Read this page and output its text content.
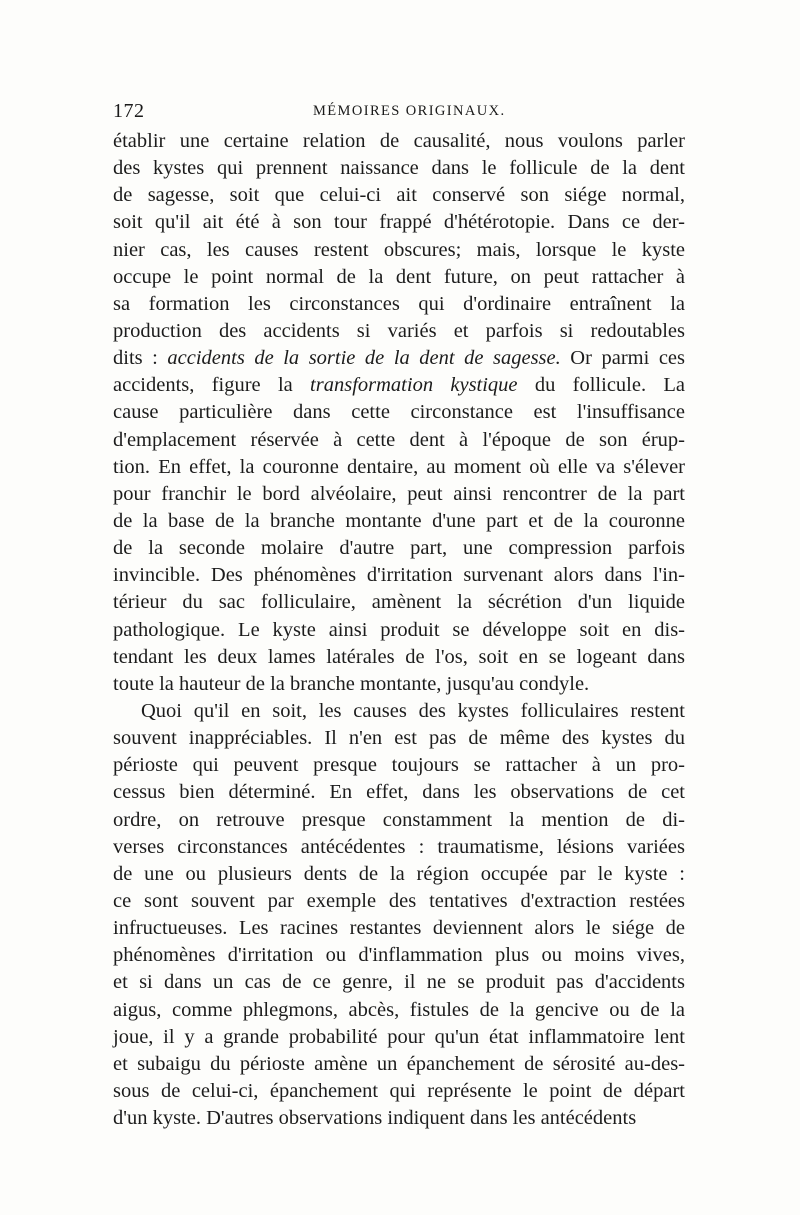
172	MÉMOIRES ORIGINAUX.
établir une certaine relation de causalité, nous voulons parler
des kystes qui prennent naissance dans le follicule de la dent
de sagesse, soit que celui-ci ait conservé son siége normal,
soit qu'il ait été à son tour frappé d'hétérotopie. Dans ce der-
nier cas, les causes restent obscures; mais, lorsque le kyste
occupe le point normal de la dent future, on peut rattacher à
sa formation les circonstances qui d'ordinaire entraînent la
production des accidents si variés et parfois si redoutables
dits : accidents de la sortie de la dent de sagesse. Or parmi ces
accidents, figure la transformation kystique du follicule. La
cause particulière dans cette circonstance est l'insuffisance
d'emplacement réservée à cette dent à l'époque de son érup-
tion. En effet, la couronne dentaire, au moment où elle va s'élever
pour franchir le bord alvéolaire, peut ainsi rencontrer de la part
de la base de la branche montante d'une part et de la couronne
de la seconde molaire d'autre part, une compression parfois
invincible. Des phénomènes d'irritation survenant alors dans l'in-
térieur du sac folliculaire, amènent la sécrétion d'un liquide
pathologique. Le kyste ainsi produit se développe soit en dis-
tendant les deux lames latérales de l'os, soit en se logeant dans
toute la hauteur de la branche montante, jusqu'au condyle.
Quoi qu'il en soit, les causes des kystes folliculaires restent
souvent inappréciables. Il n'en est pas de même des kystes du
périoste qui peuvent presque toujours se rattacher à un pro-
cessus bien déterminé. En effet, dans les observations de cet
ordre, on retrouve presque constamment la mention de di-
verses circonstances antécédentes : traumatisme, lésions variées
de une ou plusieurs dents de la région occupée par le kyste :
ce sont souvent par exemple des tentatives d'extraction restées
infructueuses. Les racines restantes deviennent alors le siége de
phénomènes d'irritation ou d'inflammation plus ou moins vives,
et si dans un cas de ce genre, il ne se produit pas d'accidents
aigus, comme phlegmons, abcès, fistules de la gencive ou de la
joue, il y a grande probabilité pour qu'un état inflammatoire lent
et subaigu du périoste amène un épanchement de sérosité au-des-
sous de celui-ci, épanchement qui représente le point de départ
d'un kyste. D'autres observations indiquent dans les antécédents
